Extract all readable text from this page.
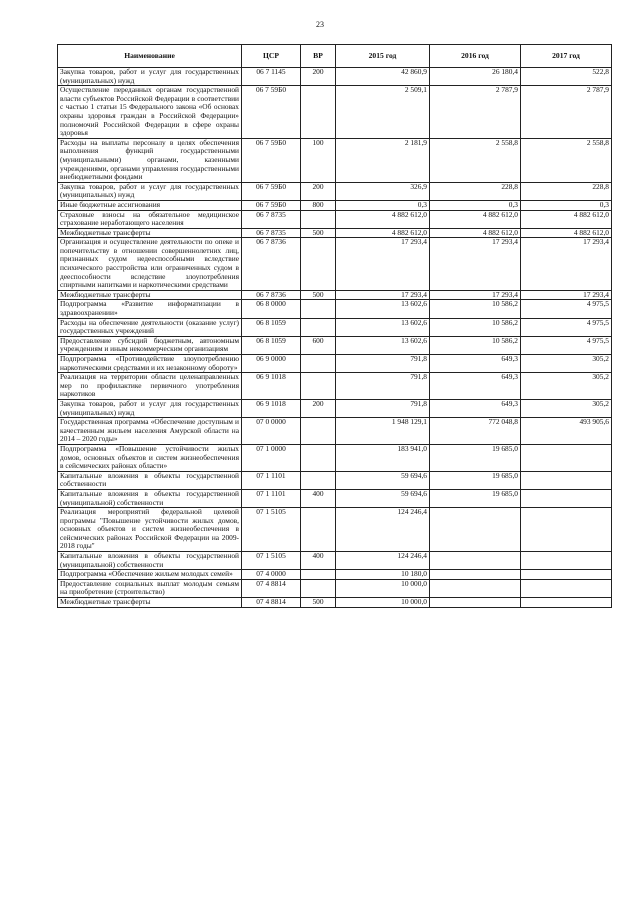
23
Наименование	ЦСР	ВР	2015 год	2016 год	2017 год
Закупка товаров, работ и услуг для государственных (муниципальных) нужд	06 7 1145	200	42 860,9	26 180,4	522,8
Осуществление переданных органам государственной власти субъектов Российской Федерации в соответствии с частью 1 статьи 15 Федерального закона «Об основах охраны здоровья граждан в Российской Федерации» полномочий Российской Федерации в сфере охраны здоровья	06 7 59Б0		2 509,1	2 787,9	2 787,9
Расходы на выплаты персоналу в целях обеспечения выполнения функций государственными (муниципальными) органами, казенными учреждениями, органами управления государственными внебюджетными фондами	06 7 59Б0	100	2 181,9	2 558,8	2 558,8
Закупка товаров, работ и услуг для государственных (муниципальных) нужд	06 7 59Б0	200	326,9	228,8	228,8
Иные бюджетные ассигнования	06 7 59Б0	800	0,3	0,3	0,3
Страховые взносы на обязательное медицинское страхование неработающего населения	06 7 8735		4 882 612,0	4 882 612,0	4 882 612,0
Межбюджетные трансферты	06 7 8735	500	4 882 612,0	4 882 612,0	4 882 612,0
Организация и осуществление деятельности по опеке и попечительству в отношении совершеннолетних лиц, признанных судом недееспособными вследствие психического расстройства или ограниченных судом в дееспособности вследствие злоупотребления спиртными напитками и наркотическими средствами	06 7 8736		17 293,4	17 293,4	17 293,4
Межбюджетные трансферты	06 7 8736	500	17 293,4	17 293,4	17 293,4
Подпрограмма «Развитие информатизации в здравоохранении»	06 8 0000		13 602,6	10 586,2	4 975,5
Расходы на обеспечение деятельности (оказание услуг) государственных учреждений	06 8 1059		13 602,6	10 586,2	4 975,5
Предоставление субсидий бюджетным, автономным учреждениям и иным некоммерческим организациям	06 8 1059	600	13 602,6	10 586,2	4 975,5
Подпрограмма «Противодействие злоупотреблению наркотическими средствами и их незаконному обороту»	06 9 0000		791,8	649,3	305,2
Реализация на территории области целенаправленных мер по профилактике первичного употребления наркотиков	06 9 1018		791,8	649,3	305,2
Закупка товаров, работ и услуг для государственных (муниципальных) нужд	06 9 1018	200	791,8	649,3	305,2
Государственная программа «Обеспечение доступным и качественным жильем населения Амурской области на 2014 – 2020 годы»	07 0 0000		1 948 129,1	772 048,8	493 905,6
Подпрограмма «Повышение устойчивости жилых домов, основных объектов и систем жизнеобеспечения в сейсмических районах области»	07 1 0000		183 941,0	19 685,0	
Капитальные вложения в объекты государственной собственности	07 1 1101		59 694,6	19 685,0	
Капитальные вложения в объекты государственной (муниципальной) собственности	07 1 1101	400	59 694,6	19 685,0	
Реализация мероприятий федеральной целевой программы "Повышение устойчивости жилых домов, основных объектов и систем жизнеобеспечения в сейсмических районах Российской Федерации на 2009-2018 годы"	07 1 5105		124 246,4		
Капитальные вложения в объекты государственной (муниципальной) собственности	07 1 5105	400	124 246,4		
Подпрограмма «Обеспечение жильем молодых семей»	07 4 0000		10 180,0		
Предоставление социальных выплат молодым семьям на приобретение (строительство)	07 4 8814		10 000,0		
Межбюджетные трансферты	07 4 8814	500	10 000,0		
